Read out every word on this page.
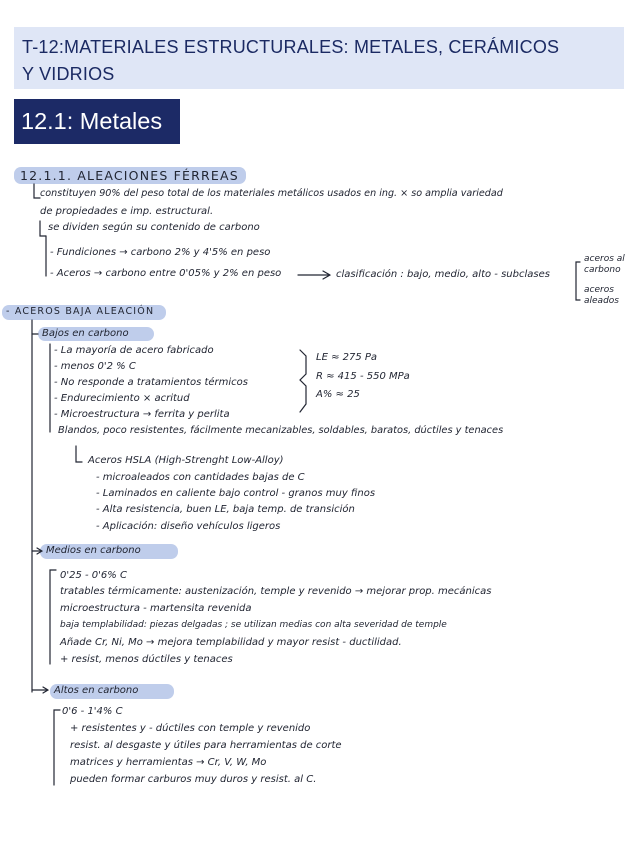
T-12:MATERIALES ESTRUCTURALES: METALES, CERÁMICOS
Y VIDRIOS
12.1: Metales
12.1.1. ALEACIONES FÉRREAS
constituyen 90% del peso total de los materiales metálicos usados en ing. × so amplia variedad
de propiedades e imp. estructural.
se dividen según su contenido de carbono
- Fundiciones → carbono 2% y 4'5% en peso
- Aceros → carbono entre 0'05% y 2% en peso	clasificación : bajo, medio, alto - subclases
aceros al carbono
aceros aleados
- ACEROS BAJA ALEACIÓN
Bajos en carbono
- La mayoría de acero fabricado
- menos 0'2 % C
- No responde a tratamientos térmicos
- Endurecimiento × acritud
- Microestructura → ferrita y perlita
Blandos, poco resistentes, fácilmente mecanizables, soldables, baratos, dúctiles y tenaces
LE ≈ 275 Pa
R ≈ 415 - 550 MPa
A% ≈ 25
Aceros HSLA (High-Strenght Low-Alloy)
- microaleados con cantidades bajas de C
- Laminados en caliente bajo control - granos muy finos
- Alta resistencia, buen LE, baja temp. de transición
- Aplicación: diseño vehículos ligeros
Medios en carbono
0'25 - 0'6% C
tratables térmicamente: austenización, temple y revenido → mejorar prop. mecánicas
microestructura - martensita revenida
baja templabilidad: piezas delgadas ; se utilizan medias con alta severidad de temple
Añade Cr, Ni, Mo → mejora templabilidad y mayor resist - ductilidad.
+ resist, menos dúctiles y tenaces
Altos en carbono
0'6 - 1'4% C
+ resistentes y - dúctiles con temple y revenido
resist. al desgaste y útiles para herramientas de corte
matrices y herramientas → Cr, V, W, Mo
pueden formar carburos muy duros y resist. al C.
